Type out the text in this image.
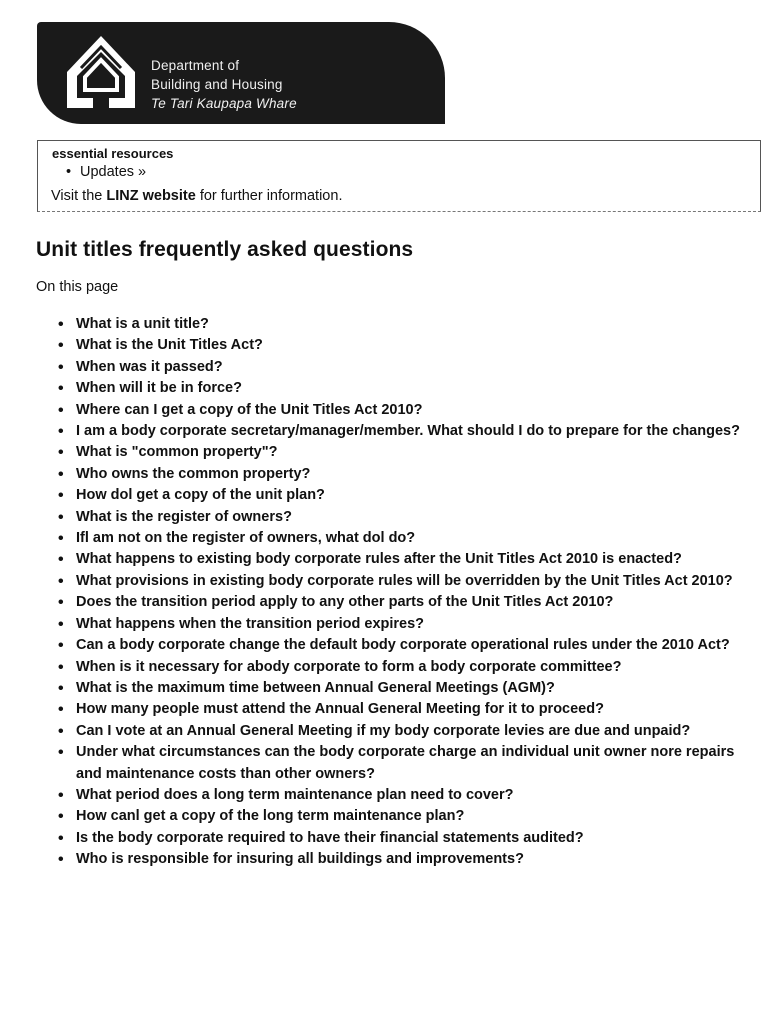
Department of
Building and Housing
Te Tari Kaupapa Whare
essential resources
• Updates »
Visit the LINZ website for further information.
Unit titles frequently asked questions
On this page
• What is a unit title?
• What is the Unit Titles Act?
• When was it passed?
• When will it be in force?
• Where can I get a copy of the Unit Titles Act 2010?
• I am a body corporate secretary/manager/member. What should I do to prepare for the changes?
• What is "common property"?
• Who owns the common property?
• How dol get a copy of the unit plan?
• What is the register of owners?
• Ifl am not on the register of owners, what dol do?
• What happens to existing body corporate rules after the Unit Titles Act 2010 is enacted?
• What provisions in existing body corporate rules will be overridden by the Unit Titles Act 2010?
• Does the transition period apply to any other parts of the Unit Titles Act 2010?
• What happens when the transition period expires?
• Can a body corporate change the default body corporate operational rules under the 2010 Act?
• When is it necessary for abody corporate to form a body corporate committee?
• What is the maximum time between Annual General Meetings (AGM)?
• How many people must attend the Annual General Meeting for it to proceed?
• Can I vote at an Annual General Meeting if my body corporate levies are due and unpaid?
• Under what circumstances can the body corporate charge an individual unit owner nore repairs and maintenance costs than other owners?
• What period does a long term maintenance plan need to cover?
• How canl get a copy of the long term maintenance plan?
• Is the body corporate required to have their financial statements audited?
• Who is responsible for insuring all buildings and improvements?
